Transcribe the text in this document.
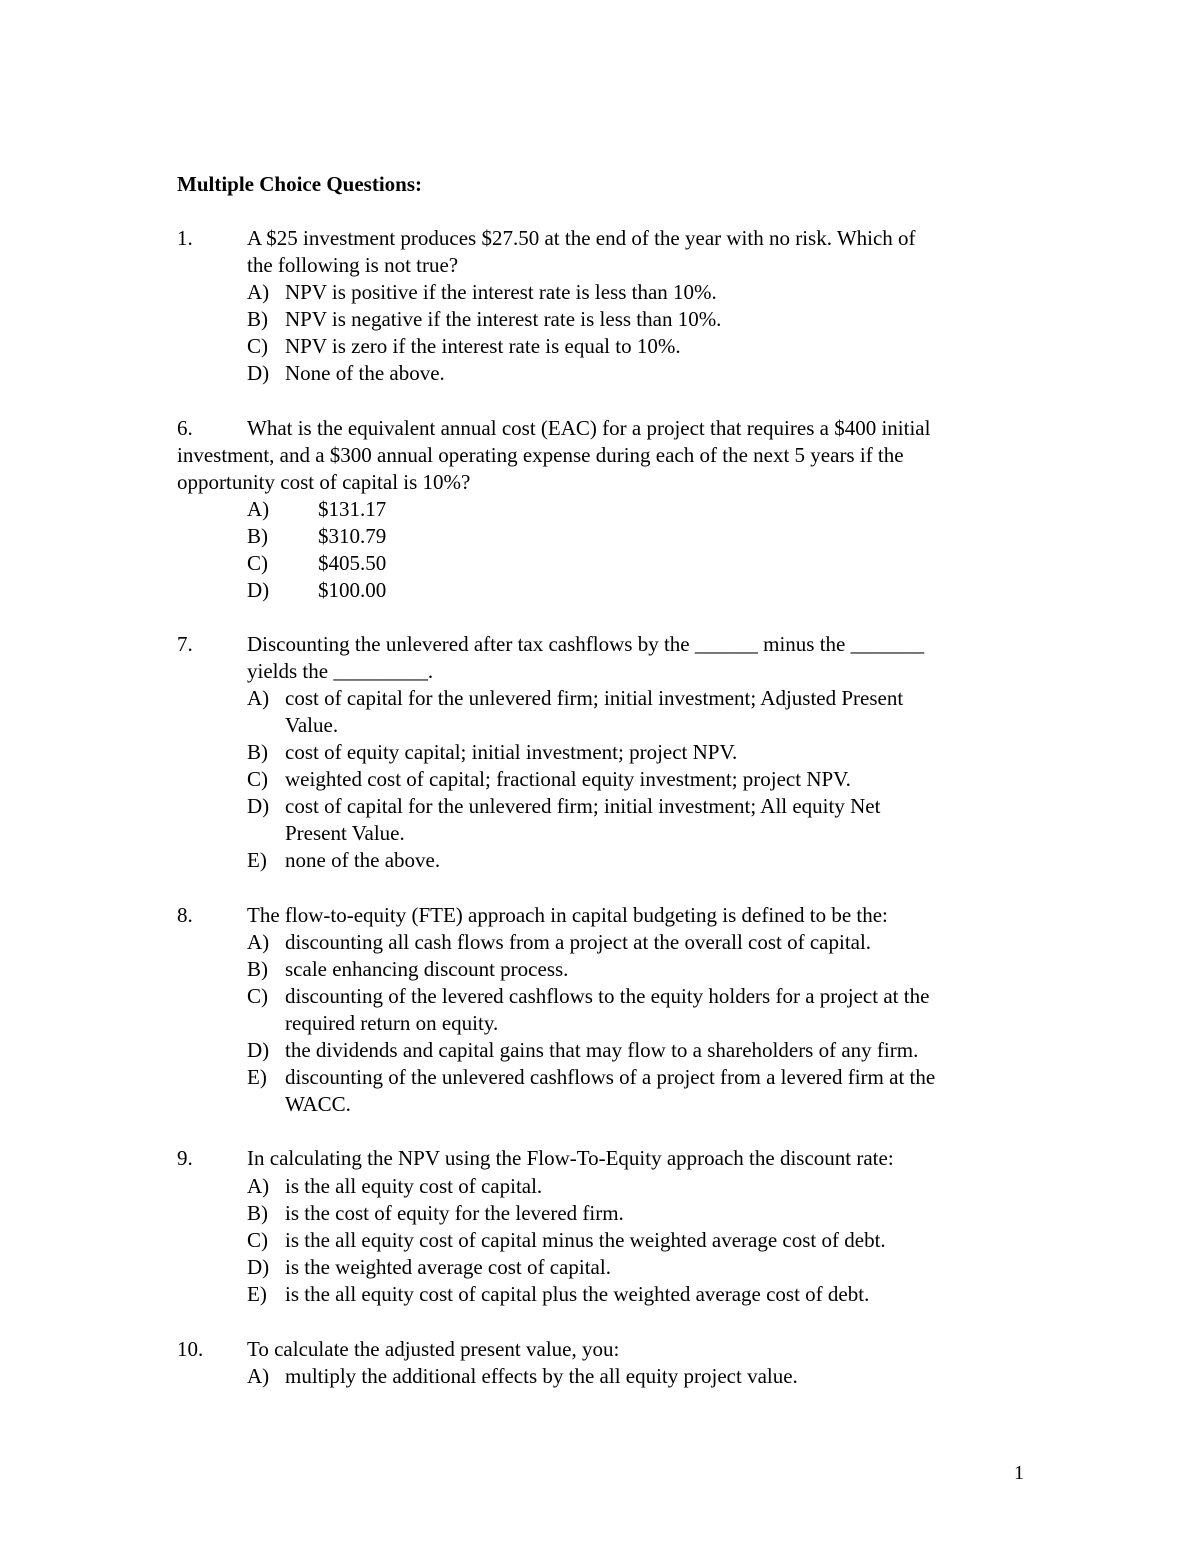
Multiple Choice Questions:
1.	A $25 investment produces $27.50 at the end of the year with no risk. Which of
the following is not true?
A) NPV is positive if the interest rate is less than 10%.
B) NPV is negative if the interest rate is less than 10%.
C) NPV is zero if the interest rate is equal to 10%.
D) None of the above.
6.	What is the equivalent annual cost (EAC) for a project that requires a $400 initial
investment, and a $300 annual operating expense during each of the next 5 years if the
opportunity cost of capital is 10%?
A) $131.17
B) $310.79
C) $405.50
D) $100.00
7.	Discounting the unlevered after tax cashflows by the ______ minus the _______
yields the _________.
A) cost of capital for the unlevered firm; initial investment; Adjusted Present
Value.
B) cost of equity capital; initial investment; project NPV.
C) weighted cost of capital; fractional equity investment; project NPV.
D) cost of capital for the unlevered firm; initial investment; All equity Net
Present Value.
E) none of the above.
8.	The flow-to-equity (FTE) approach in capital budgeting is defined to be the:
A) discounting all cash flows from a project at the overall cost of capital.
B) scale enhancing discount process.
C) discounting of the levered cashflows to the equity holders for a project at the
required return on equity.
D) the dividends and capital gains that may flow to a shareholders of any firm.
E) discounting of the unlevered cashflows of a project from a levered firm at the
WACC.
9.	In calculating the NPV using the Flow-To-Equity approach the discount rate:
A) is the all equity cost of capital.
B) is the cost of equity for the levered firm.
C) is the all equity cost of capital minus the weighted average cost of debt.
D) is the weighted average cost of capital.
E) is the all equity cost of capital plus the weighted average cost of debt.
10. To calculate the adjusted present value, you:
A) multiply the additional effects by the all equity project value.
1
